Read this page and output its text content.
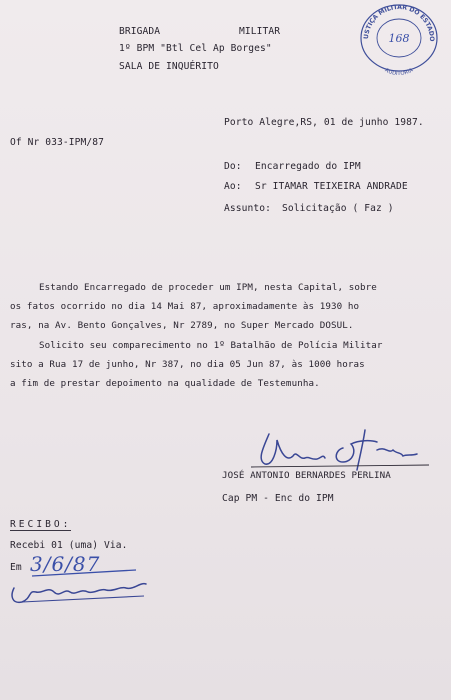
BRIGADA	MILITAR
1º BPM "Btl Cel Ap Borges"
SALA DE INQUÉRITO
USTIÇA MILITAR DO ESTADO
AUDITORIA
168
Porto Alegre,RS, 01 de junho 1987.
Of Nr 033-IPM/87
Do: Encarregado do IPM
Ao: Sr ITAMAR TEIXEIRA ANDRADE
Assunto: Solicitação ( Faz )
Estando Encarregado de proceder um IPM, nesta Capital, sobre
os fatos ocorrido no dia 14 Mai 87, aproximadamente às 1930 ho
ras, na Av. Bento Gonçalves, Nr 2789, no Super Mercado DOSUL.
Solicito seu comparecimento no 1º Batalhão de Polícia Militar
sito a Rua 17 de junho, Nr 387, no dia 05 Jun 87, às 1000 horas
a fim de prestar depoimento na qualidade de Testemunha.
JOSÉ ANTONIO BERNARDES PERLINA
Cap PM - Enc do IPM
RECIBO:
Recebi 01 (uma) Via.
Em 3/6/87
